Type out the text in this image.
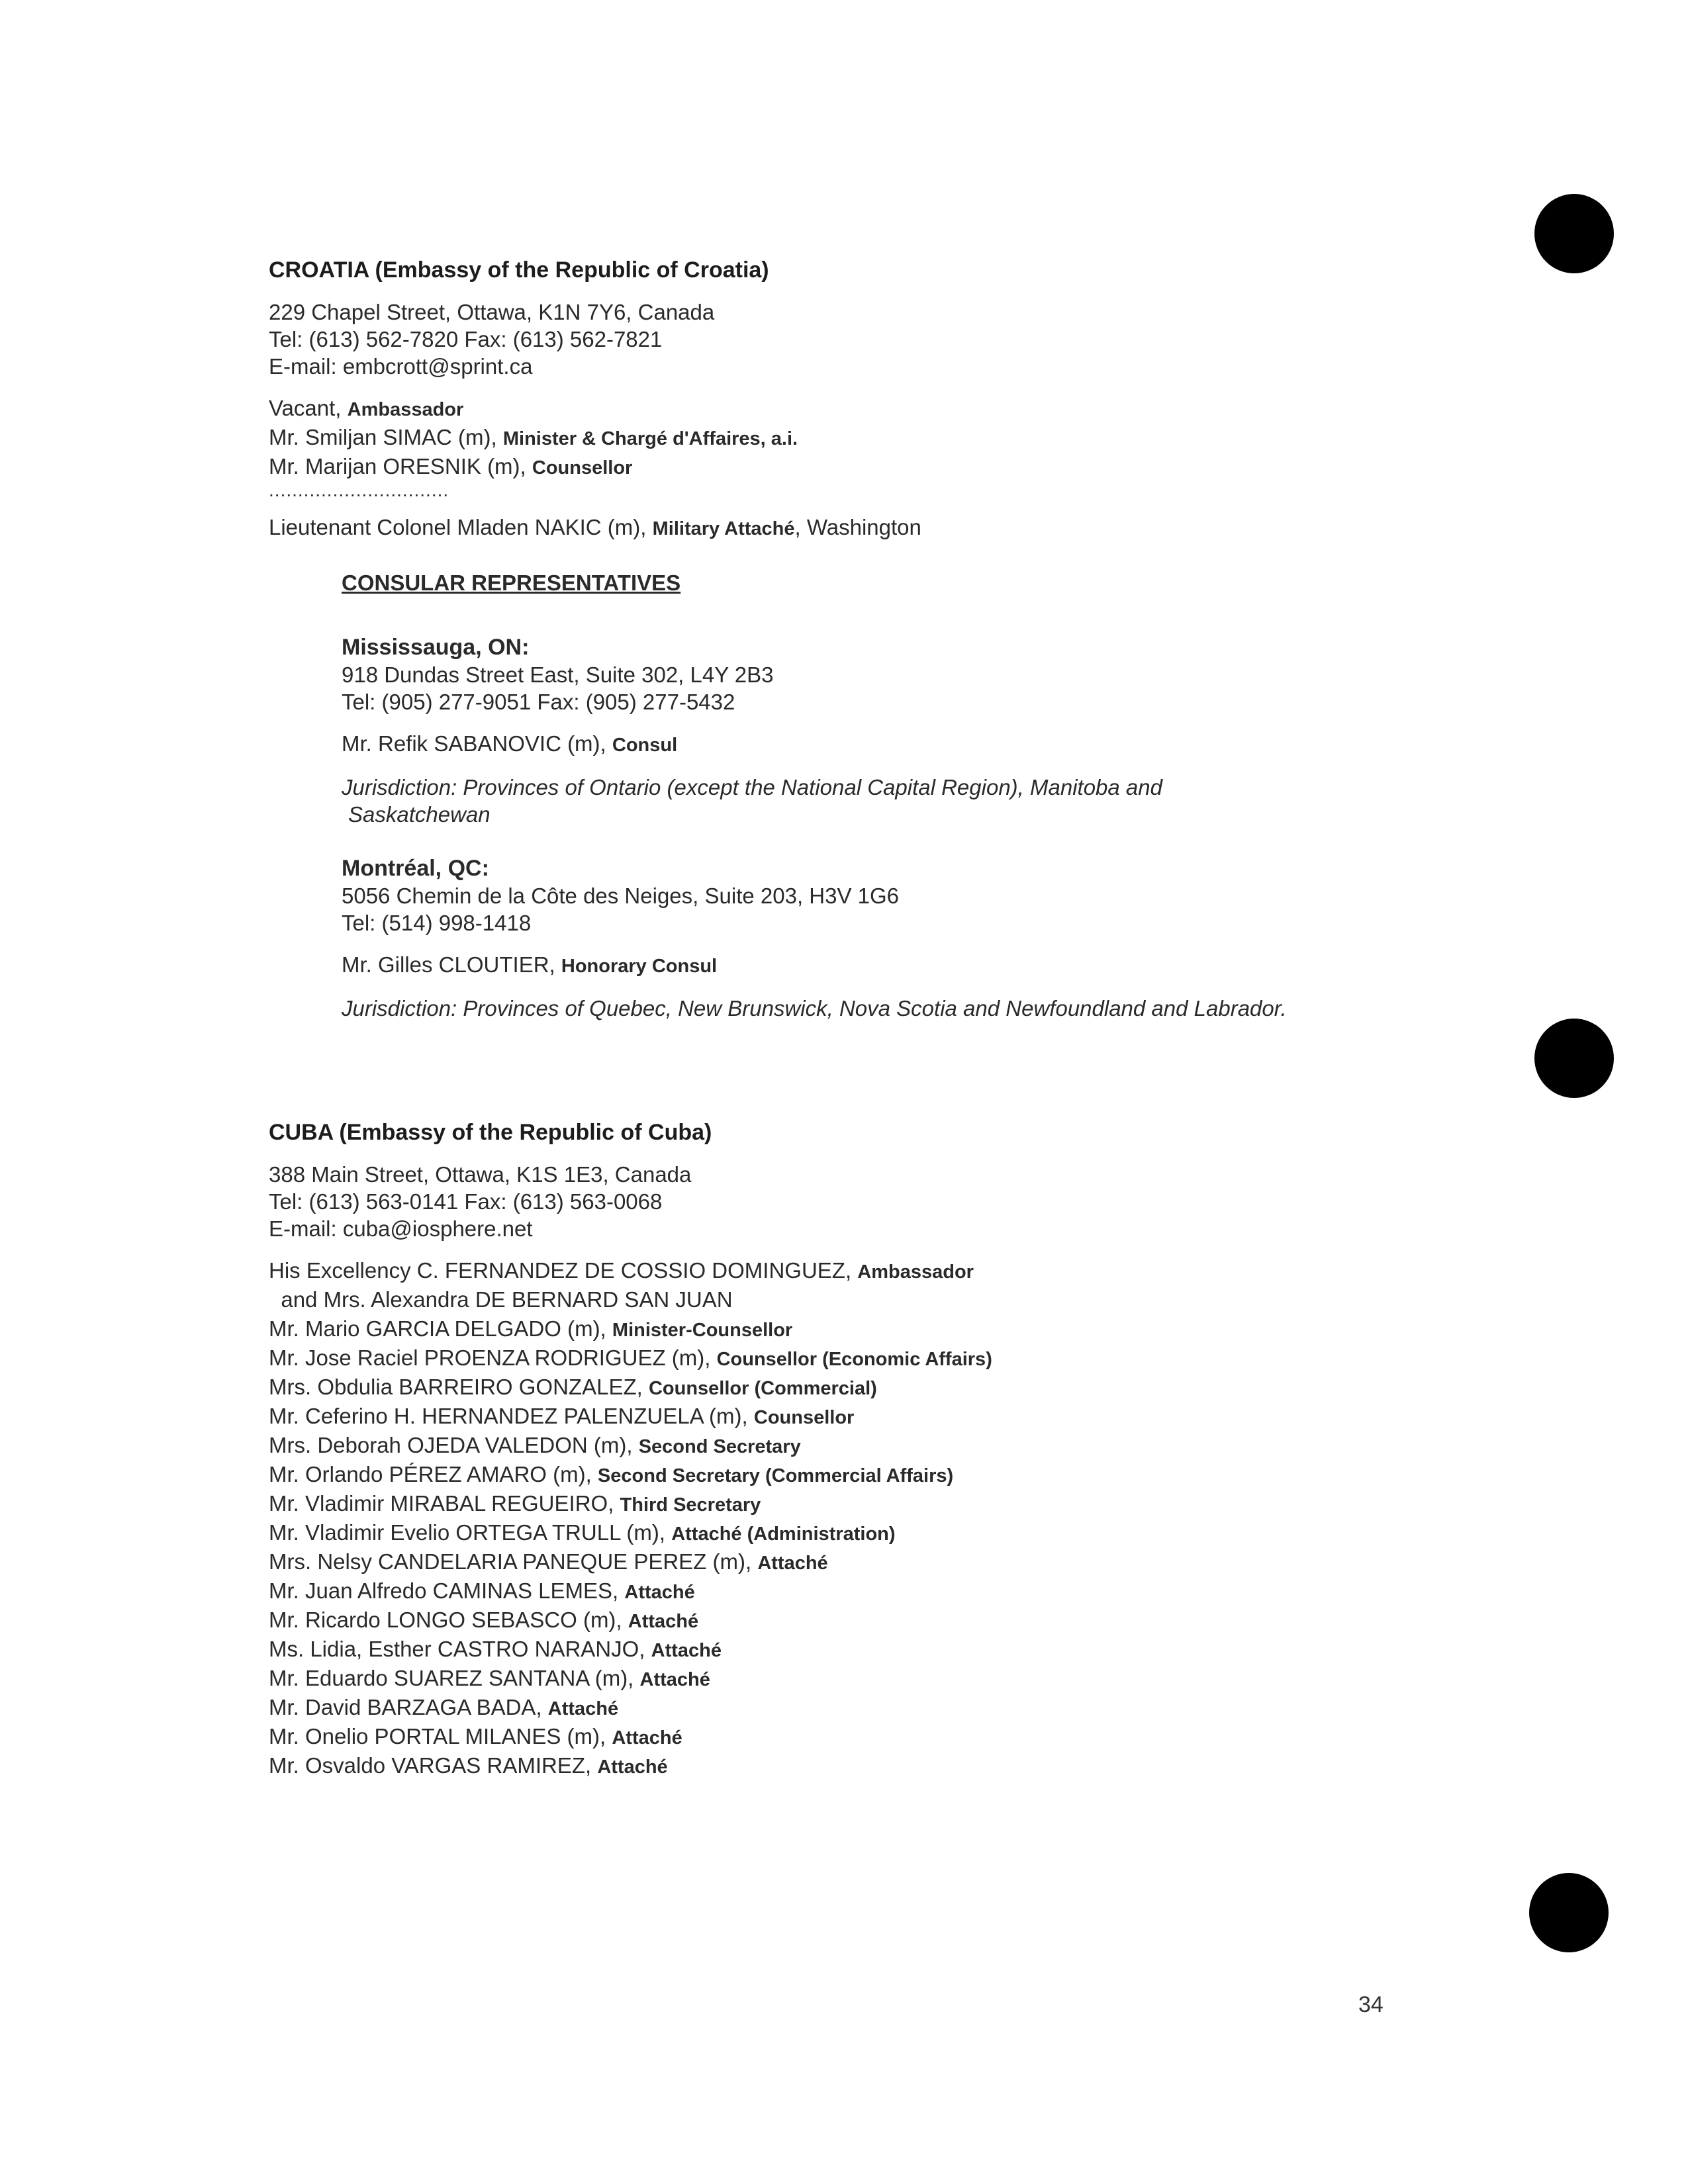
CROATIA (Embassy of the Republic of Croatia)

229 Chapel Street, Ottawa, K1N 7Y6, Canada

Tel: (613) 562-7820 Fax: (613) 562-7821

E-mail: embcrott@sprint.ca

Vacant, Ambassador

Mr. Smiljan SIMAC (m), Minister & Chargé d'Affaires, a.i.

Mr. Marijan ORESNIK (m), Counsellor

...............................

Lieutenant Colonel Mladen NAKIC (m), Military Attaché, Washington

CONSULAR REPRESENTATIVES

Mississauga, ON:

918 Dundas Street East, Suite 302, L4Y 2B3

Tel: (905) 277-9051 Fax: (905) 277-5432

Mr. Refik SABANOVIC (m), Consul

Jurisdiction: Provinces of Ontario (except the National Capital Region), Manitoba and
Saskatchewan

Montréal, QC:

5056 Chemin de la Côte des Neiges, Suite 203, H3V 1G6

Tel: (514) 998-1418

Mr. Gilles CLOUTIER, Honorary Consul

Jurisdiction: Provinces of Quebec, New Brunswick, Nova Scotia and Newfoundland and Labrador.

CUBA (Embassy of the Republic of Cuba)

388 Main Street, Ottawa, K1S 1E3, Canada

Tel: (613) 563-0141 Fax: (613) 563-0068

E-mail: cuba@iosphere.net

His Excellency C. FERNANDEZ DE COSSIO DOMINGUEZ, Ambassador

and Mrs. Alexandra DE BERNARD SAN JUAN

Mr. Mario GARCIA DELGADO (m), Minister-Counsellor

Mr. Jose Raciel PROENZA RODRIGUEZ (m), Counsellor (Economic Affairs)

Mrs. Obdulia BARREIRO GONZALEZ, Counsellor (Commercial)

Mr. Ceferino H. HERNANDEZ PALENZUELA (m), Counsellor

Mrs. Deborah OJEDA VALEDON (m), Second Secretary

Mr. Orlando PÉREZ AMARO (m), Second Secretary (Commercial Affairs)

Mr. Vladimir MIRABAL REGUEIRO, Third Secretary

Mr. Vladimir Evelio ORTEGA TRULL (m), Attaché (Administration)

Mrs. Nelsy CANDELARIA PANEQUE PEREZ (m), Attaché

Mr. Juan Alfredo CAMINAS LEMES, Attaché

Mr. Ricardo LONGO SEBASCO (m), Attaché

Ms. Lidia, Esther CASTRO NARANJO, Attaché

Mr. Eduardo SUAREZ SANTANA (m), Attaché

Mr. David BARZAGA BADA, Attaché

Mr. Onelio PORTAL MILANES (m), Attaché

Mr. Osvaldo VARGAS RAMIREZ, Attaché

34
